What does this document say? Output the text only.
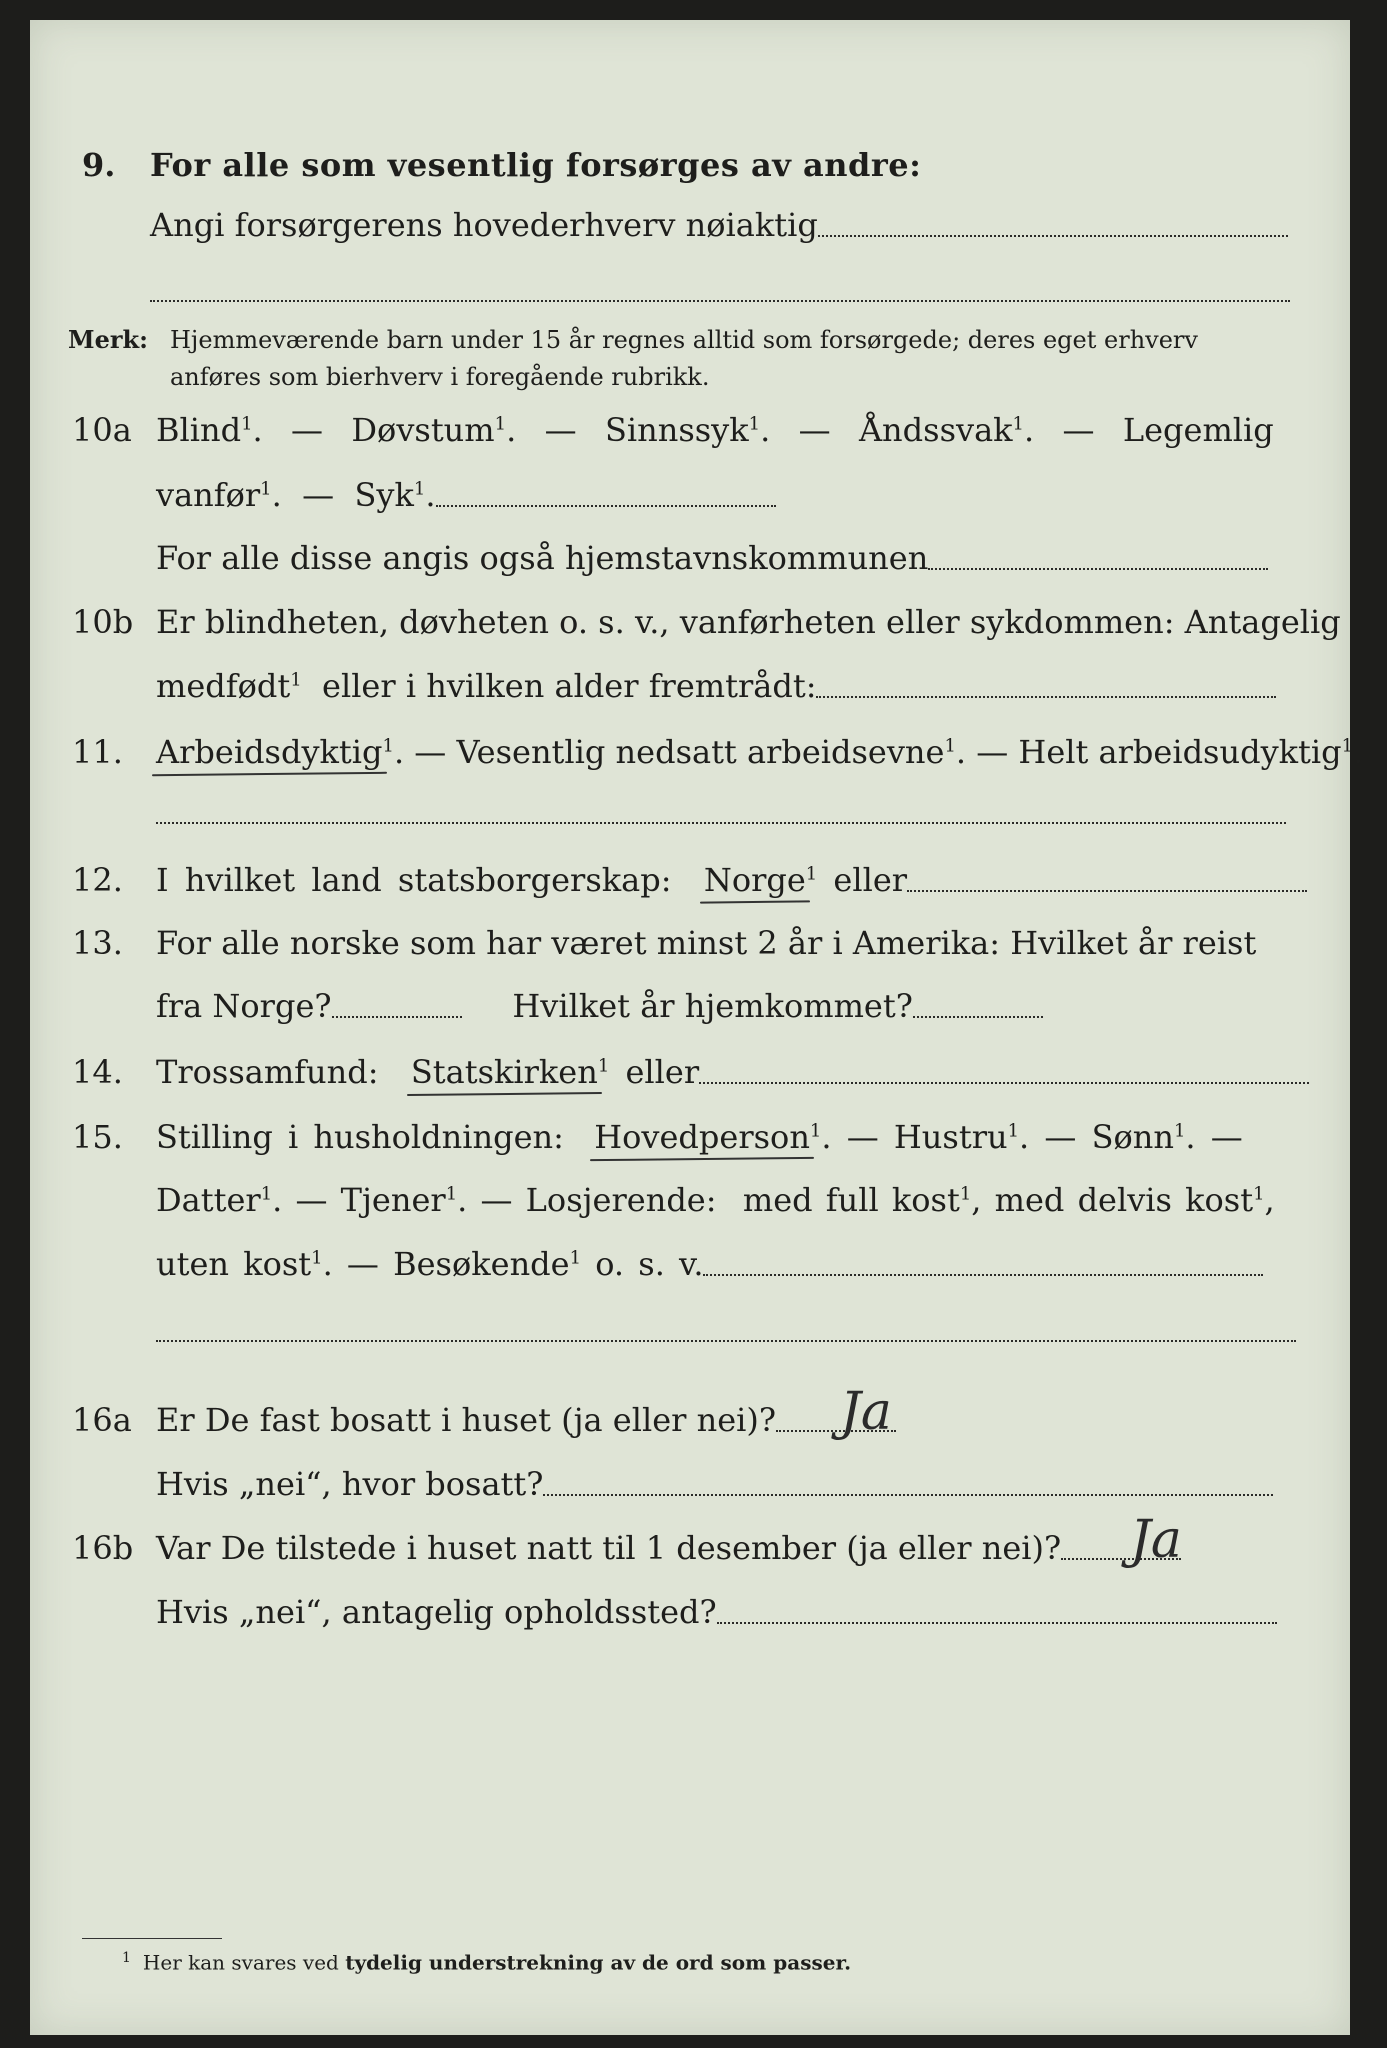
9. For alle som vesentlig forsørges av andre:
Angi forsørgerens hovederhverv nøiaktig
Merk: Hjemmeværende barn under 15 år regnes alltid som forsørgede; deres eget erhverv
anføres som bierhverv i foregående rubrikk.
10a Blind$^1$.  — Døvstum$^1$.  — Sinnssyk$^1$.  — Åndssvak$^1$.  — Legemlig
vanfør$^1$.  — Syk$^1$.
For alle disse angis også hjemstavnskommunen
10b Er blindheten, døvheten o. s. v., vanførheten eller sykdommen: Antagelig
medfødt$^1$ eller i hvilken alder fremtrådt:
11. Arbeidsdyktig$^1$. — Vesentlig nedsatt arbeidsevne$^1$. — Helt arbeidsudyktig$^1$.
12. I hvilket land statsborgerskap: Norge$^1$ eller
13. For alle norske som har været minst 2 år i Amerika: Hvilket år reist
fra Norge?	Hvilket år hjemkommet?
14. Trossamfund: Statskirken$^1$ eller
15. Stilling i husholdningen: Hovedperson$^1$. — Hustru$^1$. — Sønn$^1$. —
Datter$^1$. — Tjener$^1$. — Losjerende: med full kost$^1$, med delvis kost$^1$,
uten kost$^1$. — Besøkende$^1$ o. s. v.
16a Er De fast bosatt i huset (ja eller nei)?	Ja
Hvis „nei“, hvor bosatt?
16b Var De tilstede i huset natt til 1 desember (ja eller nei)?	Ja
Hvis „nei“, antagelig opholdssted?
$^1$ Her kan svares ved tydelig understrekning av de ord som passer.
